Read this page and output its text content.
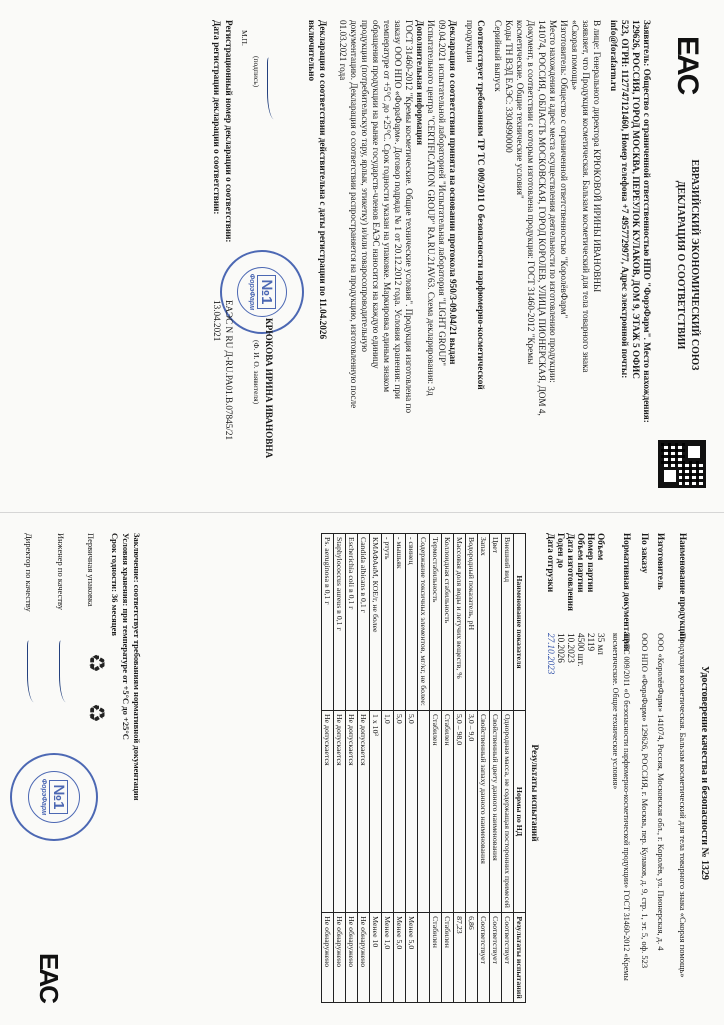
EAC
ЕВРАЗИЙСКИЙ ЭКОНОМИЧЕСКИЙ СОЮЗ
ДЕКЛАРАЦИЯ О СООТВЕТСТВИИ
Заявитель: Общество с ограниченной ответственностью НПО "ФорэФарм". Место нахождения:
129626, РОССИЯ, ГОРОД МОСКВА, ПЕРЕУЛОК КУЛАКОВ, ДОМ 9, ЭТАЖ 5 ОФИС
523, ОГРН: 1127747121460, Номер телефона +7 4957729977, Адрес электронной почты:
info@forafarm.ru
В лице: Генерального директора КРЮКОВОЙ ИРИНЫ ИВАНОВНЫ
заявляет, что Продукция косметическая. Бальзам косметический для тела товарного знака
«Скорая помощь»
Изготовитель: Общество с ограниченной ответственностью "КоролёвФарм"
Место нахождения и адрес места осуществления деятельности по изготовлению продукции:
141074, РОССИЯ, ОБЛАСТЬ МОСКОВСКАЯ, ГОРОД КОРОЛЕВ, УЛИЦА ПИОНЕРСКАЯ, ДОМ 4,
Документ, в соответствии с которым изготовлена продукция: ГОСТ 31460-2012 "Кремы
косметические. Общие технические условия"
Коды ТН ВЭД ЕАЭС: 3304990000
Серийный выпуск
Соответствует требованиям ТР ТС 009/2011 О безопасности парфюмерно-косметической
продукции
Декларация о соответствии принята на основании протокола 950/3-09.04/21 выдан
09.04.2021 испытательной лабораторией "Испытательная лаборатория "LIGHT GROUP"
Испытательного центра "CERTIFICATION GROUP" RA.RU.21AV63. Схема декларирования: 3д
Дополнительная информация
ГОСТ 31460-2012 "Кремы косметические. Общие технические условия". Продукция изготовлена по
заказу ООО НПО «ФораФарм». Договор подряда № 1 от 20.12.2012 года. Условия хранения: при
температуре от +5°С до +25°С. Срок годности указан на упаковке. Маркировка единым знаком
обращения продукции на рынке государств-членов ЕАЭС наносится на каждую единицу
продукции (потребительскую тару, ярлык, этикетку) и/или товаросопроводительную
документацию. Декларация о соответствии распространяется на продукцию, изготовленную после
01.03.2021 года
Декларация о соответствии действительна с даты регистрации по 11.04.2026
включительно
№1
ФорэФарм
(подпись)
М.П.
КРЮКОВА ИРИНА ИВАНОВНА
(Ф. И. О. заявителя)
Регистрационный номер декларации о соответствии:
ЕАЭС N RU Д-RU.РА01.В.07845/21
Дата регистрации декларации о соответствии:
13.04.2021
Удостоверение качества и безопасности № 1329
Наименование продукции
Продукция косметическая. Бальзам косметический для тела товарного знака «Скорая помощь»
Изготовитель
ООО «КоролёвФарм» 141074, Россия, Московская обл., г. Королёв, ул. Пионерская, д. 4
По заказу
ООО НПО «ФораФарм» 129626, РОССИЯ, г. Москва, пер. Кулаков, д. 9, стр. 1, эт. 5, оф. 523
Нормативная документация
ТР ТС 009/2011 «О безопасности парфюмерно-косметической продукции» ГОСТ 31460-2012 «Кремы косметические. Общие технические условия»
Объем
35 мл
Номер партии
2119
Объем партии
4500 шт.
Дата изготовления
10.2023
Годен до
10.2026
Дата отгрузки
27.10.2023
Результаты испытаний
Наименование показателя	Нормы по НД	Результаты испытаний
Внешний вид	Однородная масса, не содержащая посторонних примесей	Соответствует
Цвет	Свойственный цвету данного наименования	Соответствует
Запах	Свойственный запаху данного наименования	Соответствует
Водородный показатель, pH	3,0 – 9,0	6,86
Массовая доля воды и летучих веществ, %	5,0 – 98,0	87,23
Коллоидная стабильность	Стабилен	Стабилен
Термостабильность	Стабилен	Стабилен
Содержание токсичных элементов, мг/кг, не более:		
- свинец	5,0	Менее 5,0
- мышьяк	5,0	Менее 5,0
- ртуть	1,0	Менее 1,0
КМАФАнМ, КОЕ/г, не более	1 x 10³	Менее 10
Candida albicans в 0,1 г	Не допускается	Не обнаружено
Escherichia coli в 0,1 г	Не допускается	Не обнаружено
Staphylococcus aureus в 0,1 г	Не допускается	Не обнаружено
Ps. aeruginosa в 0,1 г	Не допускается	Не обнаружено
Заключение: соответствует требованиям нормативной документации
Условия хранения: при температуре от +5°С до +25°С
Срок годности: 36 месяцев
Первичная упаковка
♻
♻
Инженер по качеству
Директор по качеству
№1
ФорэФарм
EAC
